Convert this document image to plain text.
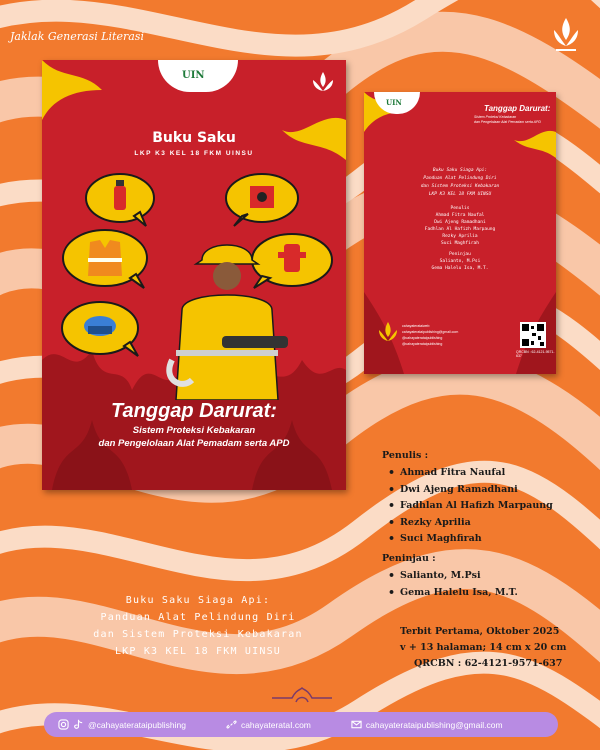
Jaklak Generasi Literasi
UIN
Buku Saku
LKP K3 KEL 18 FKM UINSU
Tanggap Darurat:
Sistem Proteksi Kebakaran
dan Pengelolaan Alat Pemadam serta APD
UIN
Tanggap Darurat:
Sistem Proteksi Kebakaran
dan Pengelolaan Alat Pemadam serta APD
Buku Saku Siaga Api:
Panduan Alat Pelindung Diri
dan Sistem Proteksi Kebakaran
LKP K3 KEL 18 FKM UINSU
Penulis
Ahmad Fitra Naufal
Dwi Ajeng Ramadhani
Fadhlan Al Hafizh Marpaung
Rezky Aprilia
Suci Maghfirah
Peninjau
Salianto, M.Psi
Gema Halelu Isa, M.T.
cahayaterataiweb
cahayaterataipublishing@gmail.com
@cahayaterataipublishing
@cahayaterataipublishing
QRCBN : 62-4121-9571-637
Buku Saku Siaga Api:
Panduan Alat Pelindung Diri
dan Sistem Proteksi Kebakaran
LKP K3 KEL 18 FKM UINSU
Penulis :
• Ahmad Fitra Naufal
• Dwi Ajeng Ramadhani
• Fadhlan Al Hafizh Marpaung
• Rezky Aprilia
• Suci Maghfirah
Peninjau :
• Salianto, M.Psi
• Gema Halelu Isa, M.T.
Terbit Pertama, Oktober 2025
v + 13 halaman; 14 cm x 20 cm
QRCBN : 62-4121-9571-637
@cahayaterataipublishing	cahayaterataI.com	cahayaterataipublishing@gmail.com
